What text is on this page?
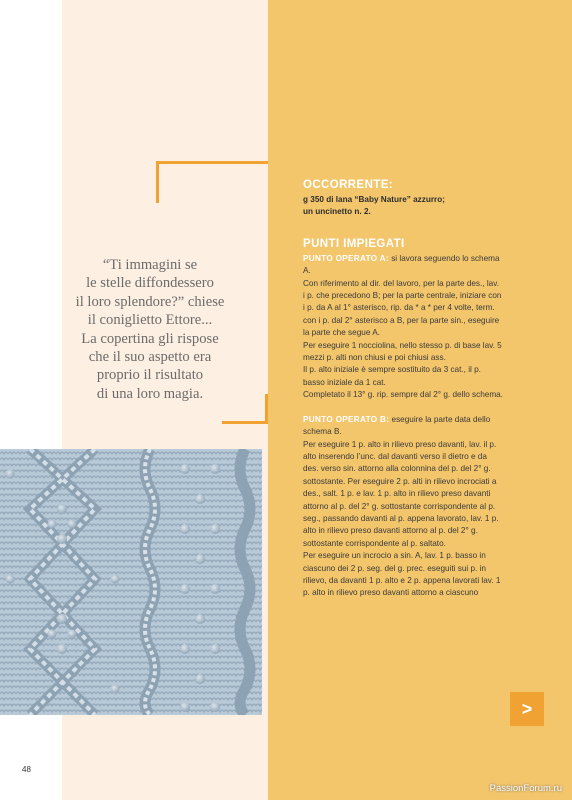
“Ti immagini se
le stelle diffondessero
il loro splendore?” chiese
il coniglietto Ettore...
La copertina gli rispose
che il suo aspetto era
proprio il risultato
di una loro magia.

OCCORRENTE:

g 350 di lana “Baby Nature” azzurro;

un uncinetto n. 2.

PUNTI IMPIEGATI

PUNTO OPERATO A: si lavora seguendo lo schema A.

Con riferimento al dir. del lavoro, per la parte des., lav. i p. che precedono B; per la parte centrale, iniziare con i p. da A al 1° asterisco, rip. da * a * per 4 volte, term. con i p. dal 2° asterisco a B, per la parte sin., eseguire la parte che segue A.

Per eseguire 1 nocciolina, nello stesso p. di base lav. 5 mezzi p. alti non chiusi e poi chiusi ass.

Il p. alto iniziale è sempre sostituito da 3 cat., il p. basso iniziale da 1 cat.

Completato il 13° g. rip. sempre dal 2° g. dello schema.

PUNTO OPERATO B: eseguire la parte data dello schema B.

Per eseguire 1 p. alto in rilievo preso davanti, lav. il p. alto inserendo l’unc. dal davanti verso il dietro e da des. verso sin. attorno alla colonnina del p. del 2° g. sottostante. Per eseguire 2 p. alti in rilievo incrociati a des., salt. 1 p. e lav. 1 p. alto in rilievo preso davanti attorno al p. del 2° g. sottostante corrispondente al p. seg., passando davanti al p. appena lavorato, lav. 1 p. alto in rilievo preso davanti attorno al p. del 2° g. sottostante corrispondente al p. saltato.

Per eseguire un incrocio a sin. A, lav. 1 p. basso in ciascuno dei 2 p. seg. del g. prec. eseguiti sui p. in rilievo, da davanti 1 p. alto e 2 p. appena lavorati lav. 1 p. alto in rilievo preso davanti attorno a ciascuno

>
48
PassionForum.ru
